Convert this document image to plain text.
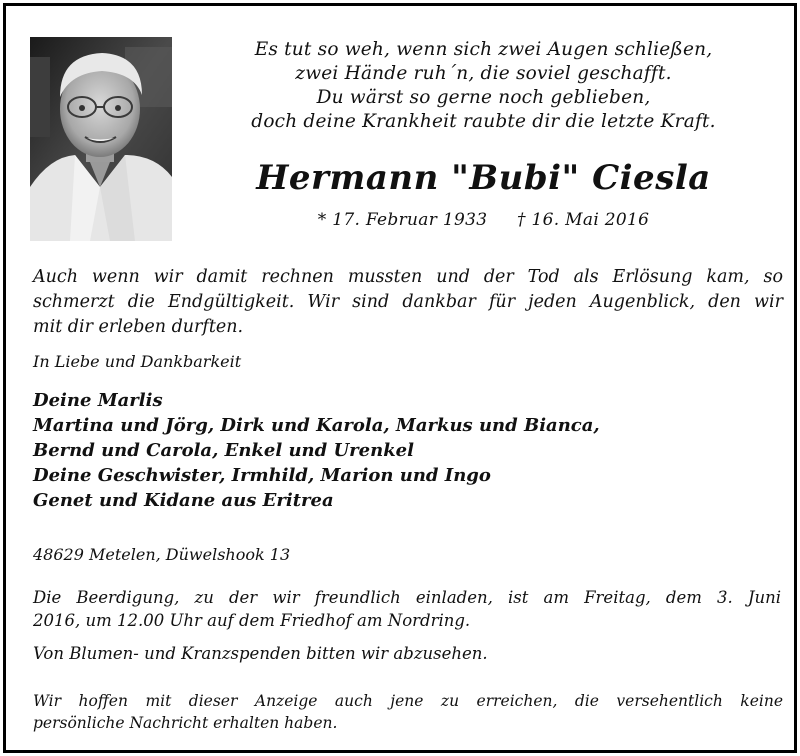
Es tut so weh, wenn sich zwei Augen schließen,
zwei Hände ruh´n, die soviel geschafft.
Du wärst so gerne noch geblieben,
doch deine Krankheit raubte dir die letzte Kraft.
Hermann "Bubi" Ciesla
* 17. Februar 1933 † 16. Mai 2016
Auch wenn wir damit rechnen mussten und der Tod als Erlösung kam, so
schmerzt die Endgültigkeit. Wir sind dankbar für jeden Augenblick, den wir
mit dir erleben durften.
In Liebe und Dankbarkeit
Deine Marlis
Martina und Jörg, Dirk und Karola, Markus und Bianca,
Bernd und Carola, Enkel und Urenkel
Deine Geschwister, Irmhild, Marion und Ingo
Genet und Kidane aus Eritrea
48629 Metelen, Düwelshook 13
Die Beerdigung, zu der wir freundlich einladen, ist am Freitag, dem 3. Juni
2016, um 12.00 Uhr auf dem Friedhof am Nordring.
Von Blumen- und Kranzspenden bitten wir abzusehen.
Wir hoffen mit dieser Anzeige auch jene zu erreichen, die versehentlich keine
persönliche Nachricht erhalten haben.
